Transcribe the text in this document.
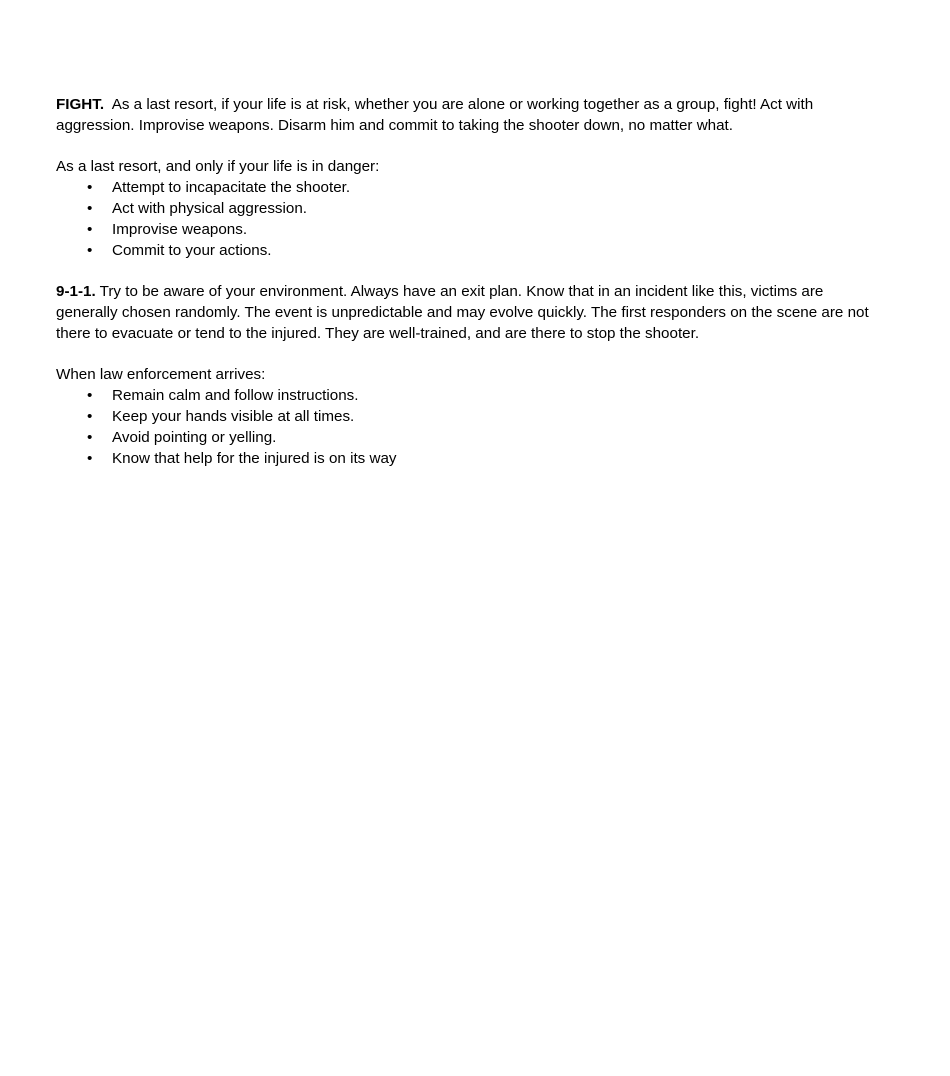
FIGHT. As a last resort, if your life is at risk, whether you are alone or working together as a group, fight! Act with aggression. Improvise weapons. Disarm him and commit to taking the shooter down, no matter what.

As a last resort, and only if your life is in danger:

• Attempt to incapacitate the shooter.
• Act with physical aggression.
• Improvise weapons.
• Commit to your actions.

9-1-1. Try to be aware of your environment. Always have an exit plan. Know that in an incident like this, victims are generally chosen randomly. The event is unpredictable and may evolve quickly. The first responders on the scene are not there to evacuate or tend to the injured. They are well-trained, and are there to stop the shooter.

When law enforcement arrives:

• Remain calm and follow instructions.
• Keep your hands visible at all times.
• Avoid pointing or yelling.
• Know that help for the injured is on its way
